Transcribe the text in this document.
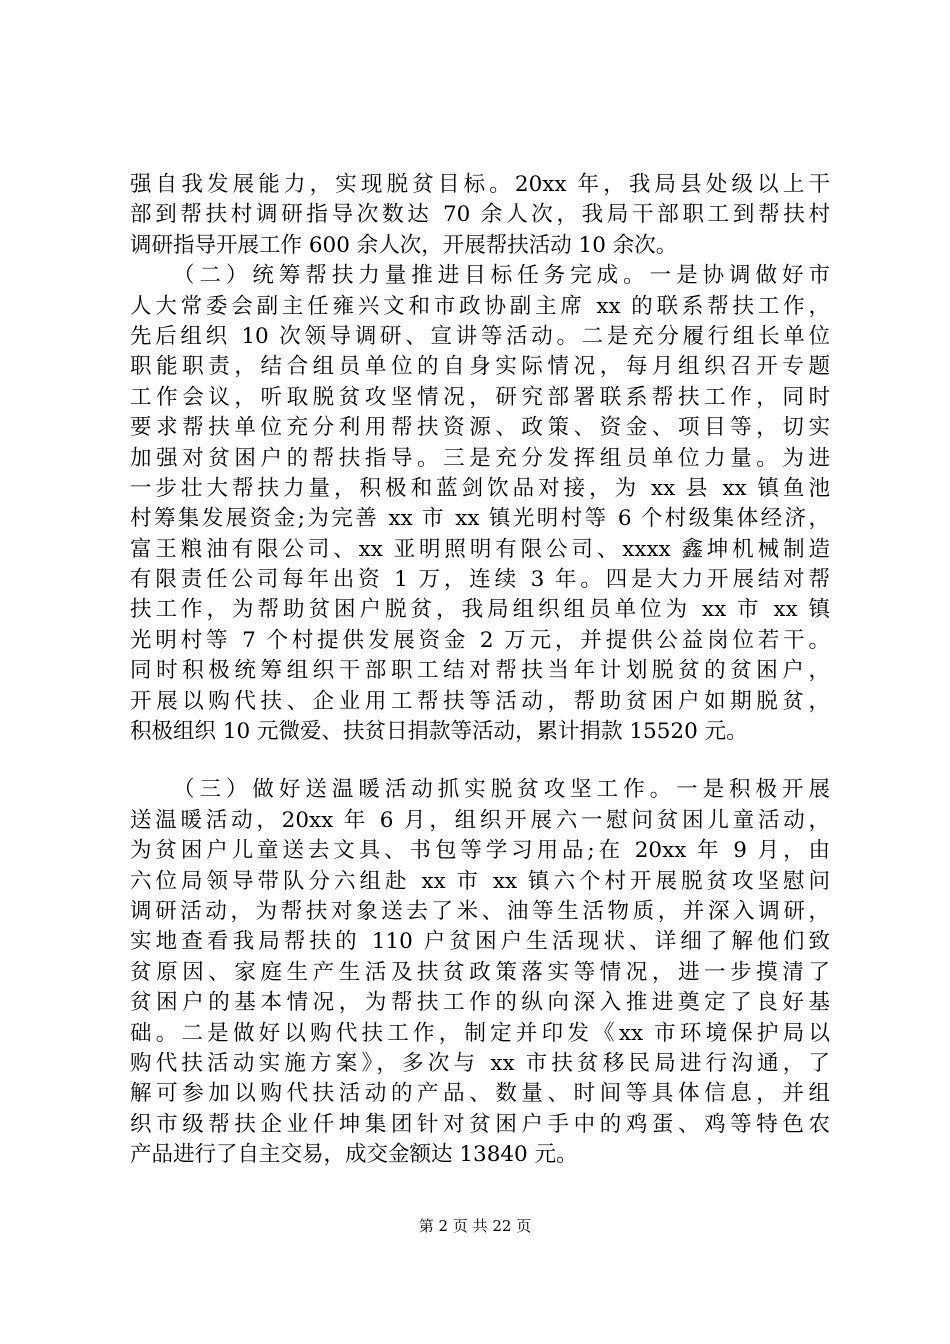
强自我发展能力，实现脱贫目标。20xx 年，我局县处级以上干
部到帮扶村调研指导次数达 70 余人次，我局干部职工到帮扶村
调研指导开展工作 600 余人次，开展帮扶活动 10 余次。
（二）统筹帮扶力量推进目标任务完成。一是协调做好市
人大常委会副主任雍兴文和市政协副主席 xx 的联系帮扶工作，
先后组织 10 次领导调研、宣讲等活动。二是充分履行组长单位
职能职责，结合组员单位的自身实际情况，每月组织召开专题
工作会议，听取脱贫攻坚情况，研究部署联系帮扶工作，同时
要求帮扶单位充分利用帮扶资源、政策、资金、项目等，切实
加强对贫困户的帮扶指导。三是充分发挥组员单位力量。为进
一步壮大帮扶力量，积极和蓝剑饮品对接，为 xx 县 xx 镇鱼池
村筹集发展资金;为完善 xx 市 xx 镇光明村等 6 个村级集体经济，
富王粮油有限公司、xx 亚明照明有限公司、xxxx 鑫坤机械制造
有限责任公司每年出资 1 万，连续 3 年。四是大力开展结对帮
扶工作，为帮助贫困户脱贫，我局组织组员单位为 xx 市 xx 镇
光明村等 7 个村提供发展资金 2 万元，并提供公益岗位若干。
同时积极统筹组织干部职工结对帮扶当年计划脱贫的贫困户，
开展以购代扶、企业用工帮扶等活动，帮助贫困户如期脱贫，
积极组织 10 元微爱、扶贫日捐款等活动，累计捐款 15520 元。
（三）做好送温暖活动抓实脱贫攻坚工作。一是积极开展
送温暖活动，20xx 年 6 月，组织开展六一慰问贫困儿童活动，
为贫困户儿童送去文具、书包等学习用品;在 20xx 年 9 月，由
六位局领导带队分六组赴 xx 市 xx 镇六个村开展脱贫攻坚慰问
调研活动，为帮扶对象送去了米、油等生活物质，并深入调研，
实地查看我局帮扶的 110 户贫困户生活现状、详细了解他们致
贫原因、家庭生产生活及扶贫政策落实等情况，进一步摸清了
贫困户的基本情况，为帮扶工作的纵向深入推进奠定了良好基
础。二是做好以购代扶工作，制定并印发《xx 市环境保护局以
购代扶活动实施方案》，多次与 xx 市扶贫移民局进行沟通，了
解可参加以购代扶活动的产品、数量、时间等具体信息，并组
织市级帮扶企业仟坤集团针对贫困户手中的鸡蛋、鸡等特色农
产品进行了自主交易，成交金额达 13840 元。
第 2 页 共 22 页
